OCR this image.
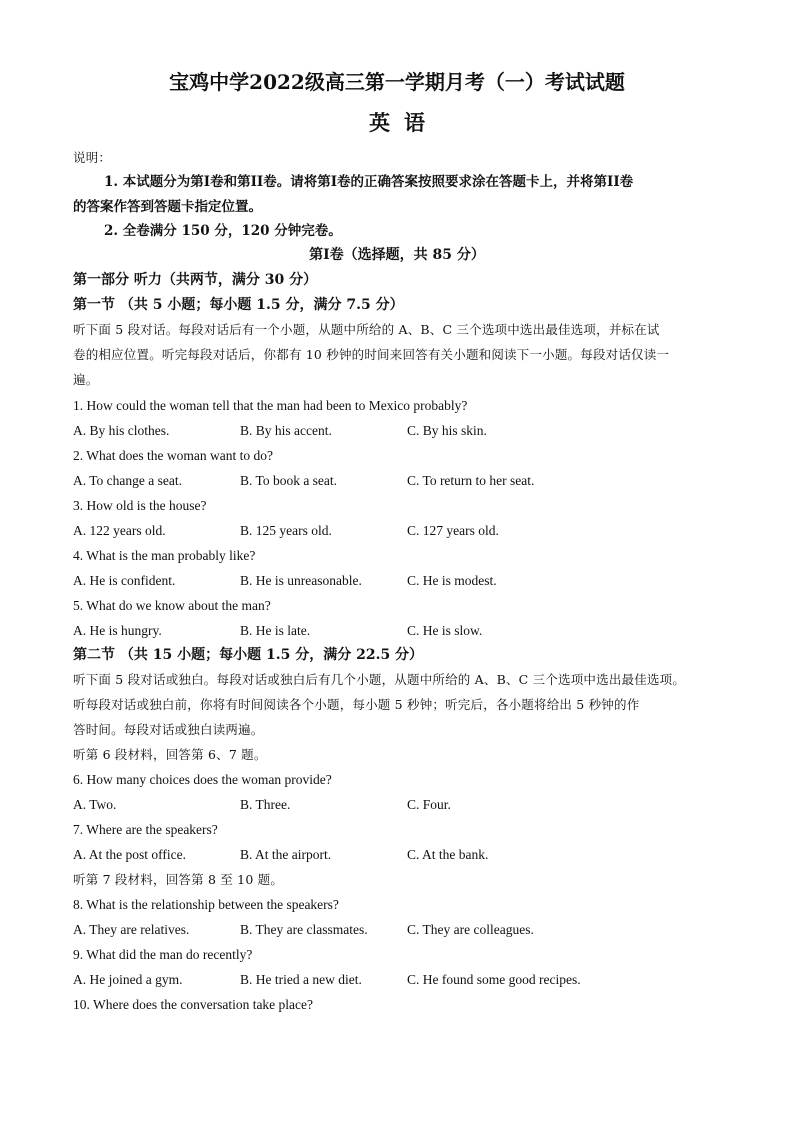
宝鸡中学2022级高三第一学期月考（一）考试试题
英语
说明：
1. 本试题分为第I卷和第II卷。请将第I卷的正确答案按照要求涂在答题卡上，并将第II卷
的答案作答到答题卡指定位置。
2. 全卷满分 150 分，120 分钟完卷。
第I卷（选择题，共 85 分）
第一部分 听力（共两节，满分 30 分）
第一节 （共 5 小题；每小题 1.5 分，满分 7.5 分）
听下面 5 段对话。每段对话后有一个小题，从题中所给的 A、B、C 三个选项中选出最佳选项，并标在试
卷的相应位置。听完每段对话后，你都有 10 秒钟的时间来回答有关小题和阅读下一小题。每段对话仅读一
遍。
1. How could the woman tell that the man had been to Mexico probably?
A. By his clothes.	B. By his accent.	C. By his skin.
2. What does the woman want to do?
A. To change a seat.	B. To book a seat.	C. To return to her seat.
3. How old is the house?
A. 122 years old.	B. 125 years old.	C. 127 years old.
4. What is the man probably like?
A. He is confident.	B. He is unreasonable.	C. He is modest.
5. What do we know about the man?
A. He is hungry.	B. He is late.	C. He is slow.
第二节 （共 15 小题；每小题 1.5 分，满分 22.5 分）
听下面 5 段对话或独白。每段对话或独白后有几个小题，从题中所给的 A、B、C 三个选项中选出最佳选项。
听每段对话或独白前，你将有时间阅读各个小题，每小题 5 秒钟；听完后，各小题将给出 5 秒钟的作
答时间。每段对话或独白读两遍。
听第 6 段材料，回答第 6、7 题。
6. How many choices does the woman provide?
A. Two.	B. Three.	C. Four.
7. Where are the speakers?
A. At the post office.	B. At the airport.	C. At the bank.
听第 7 段材料，回答第 8 至 10 题。
8. What is the relationship between the speakers?
A. They are relatives.	B. They are classmates.	C. They are colleagues.
9. What did the man do recently?
A. He joined a gym.	B. He tried a new diet.	C. He found some good recipes.
10. Where does the conversation take place?
